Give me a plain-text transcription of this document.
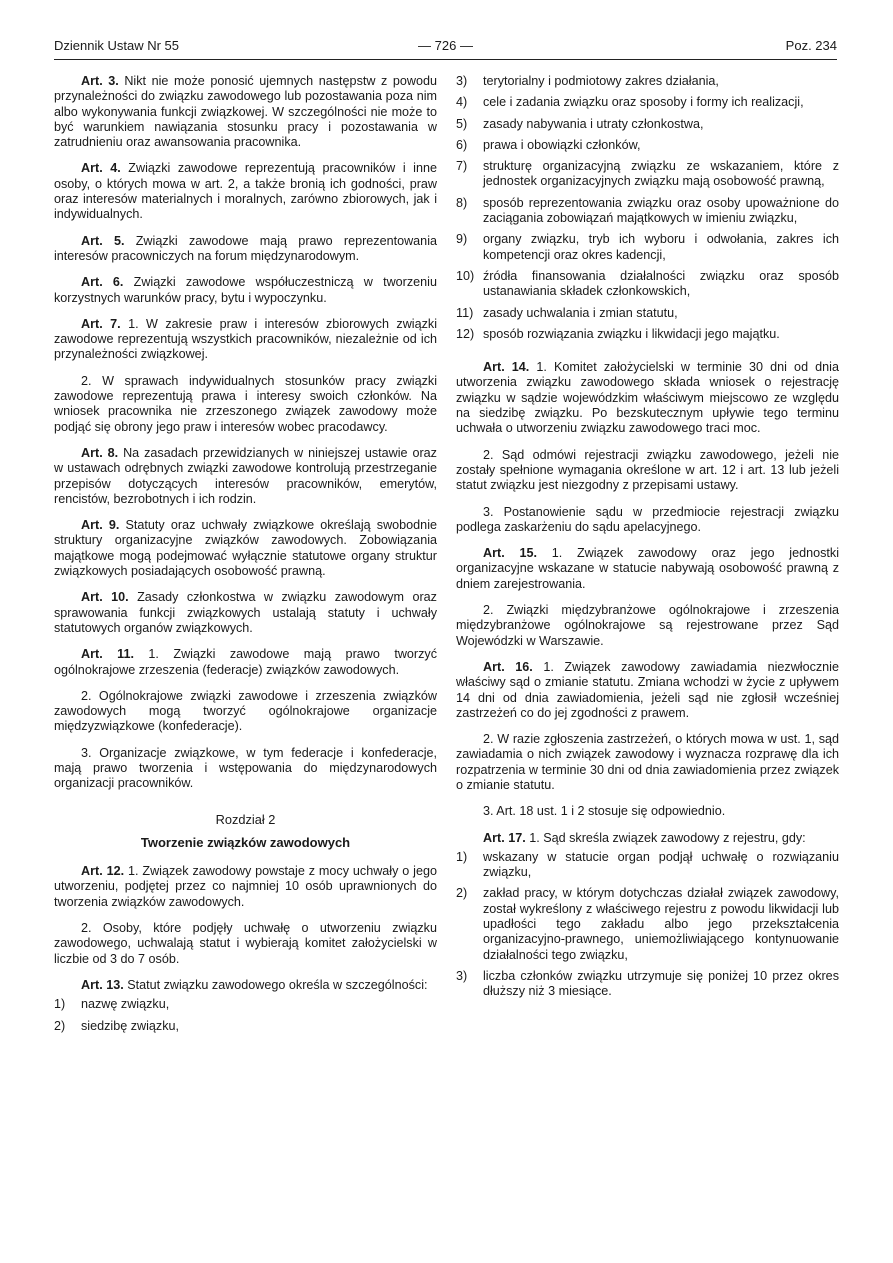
Dziennik Ustaw Nr 55	— 726 —	Poz. 234

Art. 3. Nikt nie może ponosić ujemnych następstw z powodu przynależności do związku zawodowego lub pozostawania poza nim albo wykonywania funkcji związkowej. W szczególności nie może to być warunkiem nawiązania stosunku pracy i pozostawania w zatrudnieniu oraz awansowania pracownika.

Art. 4. Związki zawodowe reprezentują pracowników i inne osoby, o których mowa w art. 2, a także bronią ich godności, praw oraz interesów materialnych i moralnych, zarówno zbiorowych, jak i indywidualnych.

Art. 5. Związki zawodowe mają prawo reprezentowania interesów pracowniczych na forum międzynarodowym.

Art. 6. Związki zawodowe współuczestniczą w tworzeniu korzystnych warunków pracy, bytu i wypoczynku.

Art. 7. 1. W zakresie praw i interesów zbiorowych związki zawodowe reprezentują wszystkich pracowników, niezależnie od ich przynależności związkowej.

2. W sprawach indywidualnych stosunków pracy związki zawodowe reprezentują prawa i interesy swoich członków. Na wniosek pracownika nie zrzeszonego związek zawodowy może podjąć się obrony jego praw i interesów wobec pracodawcy.

Art. 8. Na zasadach przewidzianych w niniejszej ustawie oraz w ustawach odrębnych związki zawodowe kontrolują przestrzeganie przepisów dotyczących interesów pracowników, emerytów, rencistów, bezrobotnych i ich rodzin.

Art. 9. Statuty oraz uchwały związkowe określają swobodnie struktury organizacyjne związków zawodowych. Zobowiązania majątkowe mogą podejmować wyłącznie statutowe organy struktur związkowych posiadających osobowość prawną.

Art. 10. Zasady członkostwa w związku zawodowym oraz sprawowania funkcji związkowych ustalają statuty i uchwały statutowych organów związkowych.

Art. 11. 1. Związki zawodowe mają prawo tworzyć ogólnokrajowe zrzeszenia (federacje) związków zawodowych.

2. Ogólnokrajowe związki zawodowe i zrzeszenia związków zawodowych mogą tworzyć ogólnokrajowe organizacje międzyzwiązkowe (konfederacje).

3. Organizacje związkowe, w tym federacje i konfederacje, mają prawo tworzenia i wstępowania do międzynarodowych organizacji pracowników.

Rozdział 2
Tworzenie związków zawodowych

Art. 12. 1. Związek zawodowy powstaje z mocy uchwały o jego utworzeniu, podjętej przez co najmniej 10 osób uprawnionych do tworzenia związków zawodowych.

2. Osoby, które podjęły uchwałę o utworzeniu związku zawodowego, uchwalają statut i wybierają komitet założycielski w liczbie od 3 do 7 osób.

Art. 13. Statut związku zawodowego określa w szczególności:

1)	nazwę związku,
2)	siedzibę związku,
3)	terytorialny i podmiotowy zakres działania,
4)	cele i zadania związku oraz sposoby i formy ich realizacji,
5)	zasady nabywania i utraty członkostwa,
6)	prawa i obowiązki członków,
7)	strukturę organizacyjną związku ze wskazaniem, które z jednostek organizacyjnych związku mają osobowość prawną,
8)	sposób reprezentowania związku oraz osoby upoważnione do zaciągania zobowiązań majątkowych w imieniu związku,
9)	organy związku, tryb ich wyboru i odwołania, zakres ich kompetencji oraz okres kadencji,
10) źródła finansowania działalności związku oraz sposób ustanawiania składek członkowskich,
11) zasady uchwalania i zmian statutu,
12) sposób rozwiązania związku i likwidacji jego majątku.

Art. 14. 1. Komitet założycielski w terminie 30 dni od dnia utworzenia związku zawodowego składa wniosek o rejestrację związku w sądzie wojewódzkim właściwym miejscowo ze względu na siedzibę związku. Po bezskutecznym upływie tego terminu uchwała o utworzeniu związku zawodowego traci moc.

2. Sąd odmówi rejestracji związku zawodowego, jeżeli nie zostały spełnione wymagania określone w art. 12 i art. 13 lub jeżeli statut związku jest niezgodny z przepisami ustawy.

3. Postanowienie sądu w przedmiocie rejestracji związku podlega zaskarżeniu do sądu apelacyjnego.

Art. 15. 1. Związek zawodowy oraz jego jednostki organizacyjne wskazane w statucie nabywają osobowość prawną z dniem zarejestrowania.

2. Związki międzybranżowe ogólnokrajowe i zrzeszenia międzybranżowe ogólnokrajowe są rejestrowane przez Sąd Wojewódzki w Warszawie.

Art. 16. 1. Związek zawodowy zawiadamia niezwłocznie właściwy sąd o zmianie statutu. Zmiana wchodzi w życie z upływem 14 dni od dnia zawiadomienia, jeżeli sąd nie zgłosił wcześniej zastrzeżeń co do jej zgodności z prawem.

2. W razie zgłoszenia zastrzeżeń, o których mowa w ust. 1, sąd zawiadamia o nich związek zawodowy i wyznacza rozprawę dla ich rozpatrzenia w terminie 30 dni od dnia zawiadomienia przez związek o zmianie statutu.

3. Art. 18 ust. 1 i 2 stosuje się odpowiednio.

Art. 17. 1. Sąd skreśla związek zawodowy z rejestru, gdy:

1)	wskazany w statucie organ podjął uchwałę o rozwiązaniu związku,
2)	zakład pracy, w którym dotychczas działał związek zawodowy, został wykreślony z właściwego rejestru z powodu likwidacji lub upadłości tego zakładu albo jego przekształcenia organizacyjno-prawnego, uniemożliwiającego kontynuowanie działalności tego związku,
3)	liczba członków związku utrzymuje się poniżej 10 przez okres dłuższy niż 3 miesiące.
